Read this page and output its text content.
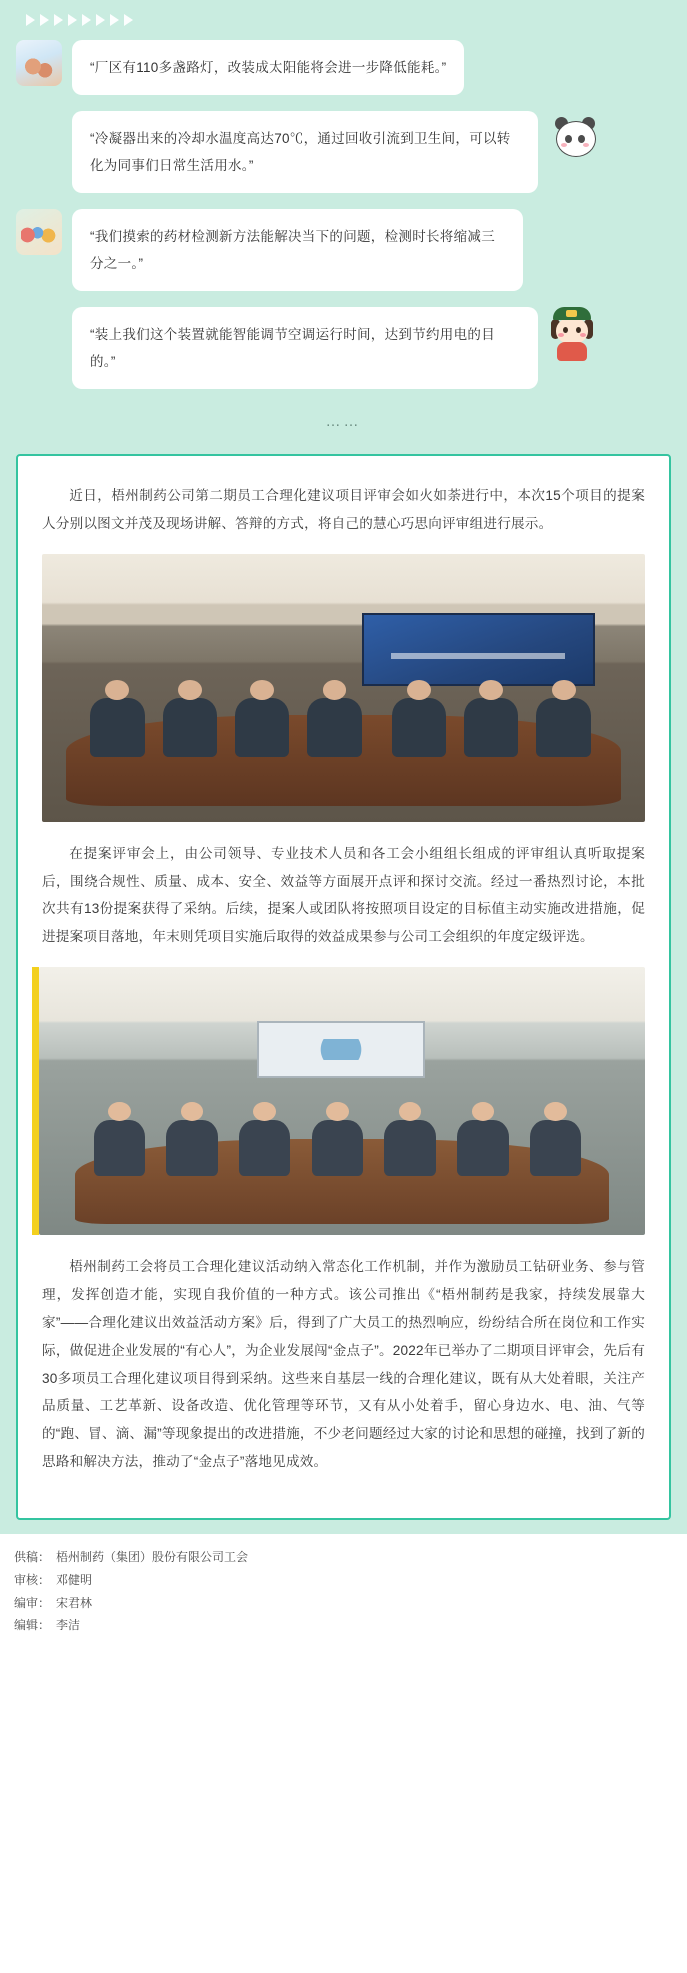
“厂区有110多盏路灯，改装成太阳能将会进一步降低能耗。”
“冷凝器出来的冷却水温度高达70℃，通过回收引流到卫生间，可以转化为同事们日常生活用水。”
“我们摸索的药材检测新方法能解决当下的问题，检测时长将缩减三分之一。”
“装上我们这个装置就能智能调节空调运行时间，达到节约用电的目的。”
……

近日，梧州制药公司第二期员工合理化建议项目评审会如火如荼进行中，本次15个项目的提案人分别以图文并茂及现场讲解、答辩的方式，将自己的慧心巧思向评审组进行展示。

在提案评审会上，由公司领导、专业技术人员和各工会小组组长组成的评审组认真听取提案后，围绕合规性、质量、成本、安全、效益等方面展开点评和探讨交流。经过一番热烈讨论，本批次共有13份提案获得了采纳。后续，提案人或团队将按照项目设定的目标值主动实施改进措施，促进提案项目落地，年末则凭项目实施后取得的效益成果参与公司工会组织的年度定级评选。

梧州制药工会将员工合理化建议活动纳入常态化工作机制，并作为激励员工钻研业务、参与管理，发挥创造才能，实现自我价值的一种方式。该公司推出《“梧州制药是我家，持续发展靠大家”——合理化建议出效益活动方案》后，得到了广大员工的热烈响应，纷纷结合所在岗位和工作实际，做促进企业发展的“有心人”，为企业发展闯“金点子”。2022年已举办了二期项目评审会，先后有30多项员工合理化建议项目得到采纳。这些来自基层一线的合理化建议，既有从大处着眼，关注产品质量、工艺革新、设备改造、优化管理等环节，又有从小处着手，留心身边水、电、油、气等的“跑、冒、滴、漏”等现象提出的改进措施，不少老问题经过大家的讨论和思想的碰撞，找到了新的思路和解决方法，推动了“金点子”落地见成效。

供稿： 梧州制药（集团）股份有限公司工会
审核： 邓健明
编审： 宋君林
编辑： 李洁
